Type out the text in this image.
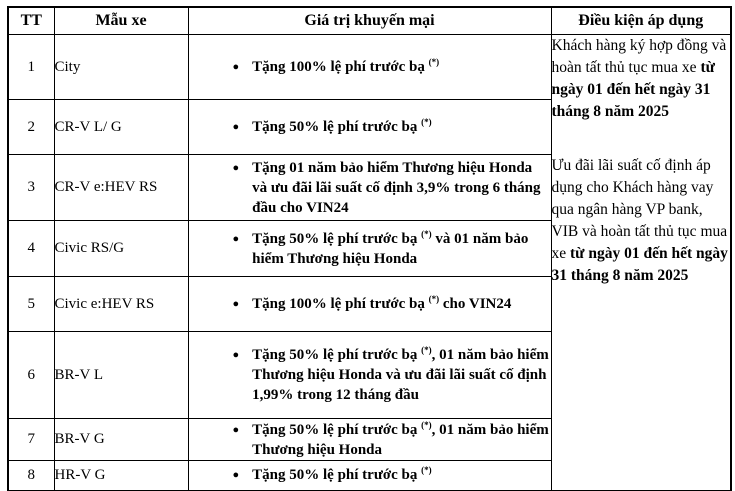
TT	Mẫu xe	Giá trị khuyến mại	Điều kiện áp dụng
1	City	● Tặng 100% lệ phí trước bạ (*)

Khách hàng ký hợp đồng và hoàn tất thủ tục mua xe từ ngày 01 đến hết ngày 31 tháng 8 năm 2025

Ưu đãi lãi suất cố định áp dụng cho Khách hàng vay qua ngân hàng VP bank, VIB và hoàn tất thủ tục mua xe từ ngày 01 đến hết ngày 31 tháng 8 năm 2025

2	CR-V L/ G	● Tặng 50% lệ phí trước bạ (*)

3	CR-V e:HEV RS	● Tặng 01 năm bảo hiểm Thương hiệu Honda và ưu đãi lãi suất cố định 3,9% trong 6 tháng đầu cho VIN24	

4	Civic RS/G	● Tặng 50% lệ phí trước bạ (*) và 01 năm bảo hiểm Thương hiệu Honda	

5	Civic e:HEV RS	● Tặng 100% lệ phí trước bạ (*) cho VIN24	

6	BR-V L	● Tặng 50% lệ phí trước bạ (*), 01 năm bảo hiểm Thương hiệu Honda và ưu đãi lãi suất cố định 1,99% trong 12 tháng đầu	

7	BR-V G	● Tặng 50% lệ phí trước bạ (*), 01 năm bảo hiểm Thương hiệu Honda	

8	HR-V G	● Tặng 50% lệ phí trước bạ (*)
